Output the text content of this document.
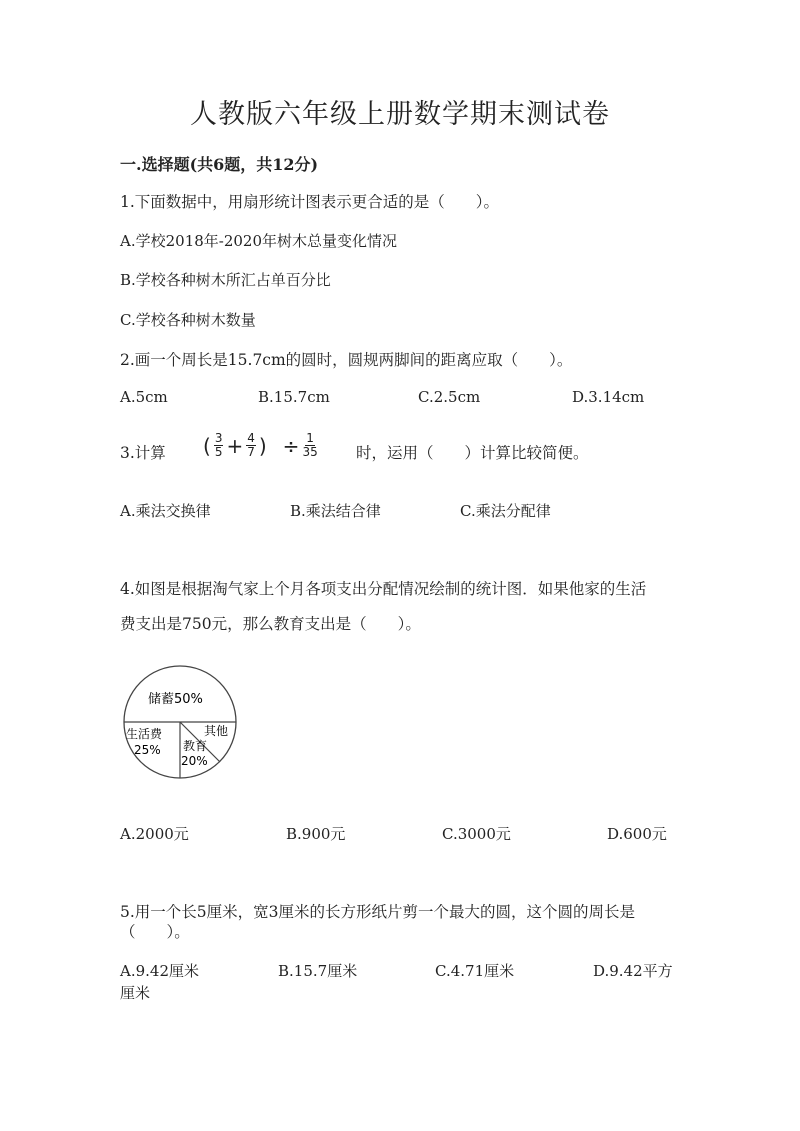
人教版六年级上册数学期末测试卷
一.选择题(共6题，共12分)
1.下面数据中，用扇形统计图表示更合适的是（　　）。
A.学校2018年-2020年树木总量变化情况
B.学校各种树木所汇占单百分比
C.学校各种树木数量
2.画一个周长是15.7cm的圆时，圆规两脚间的距离应取（　　）。
A.5cm	B.15.7cm	C.2.5cm	D.3.14cm
3.计算 ( $\frac{3}{5} + \frac{4}{7}$ ) ÷ $\frac{1}{35}$ 时，运用（　　）计算比较简便。
A.乘法交换律	B.乘法结合律	C.乘法分配律
4.如图是根据淘气家上个月各项支出分配情况绘制的统计图．如果他家的生活
费支出是750元，那么教育支出是（　　）。
储蓄50%
生活费
25% 教育
20%
其他
A.2000元	B.900元	C.3000元	D.600元
5.用一个长5厘米，宽3厘米的长方形纸片剪一个最大的圆，这个圆的周长是
（　　）。
A.9.42厘米	B.15.7厘米	C.4.71厘米	D.9.42平方
厘米
